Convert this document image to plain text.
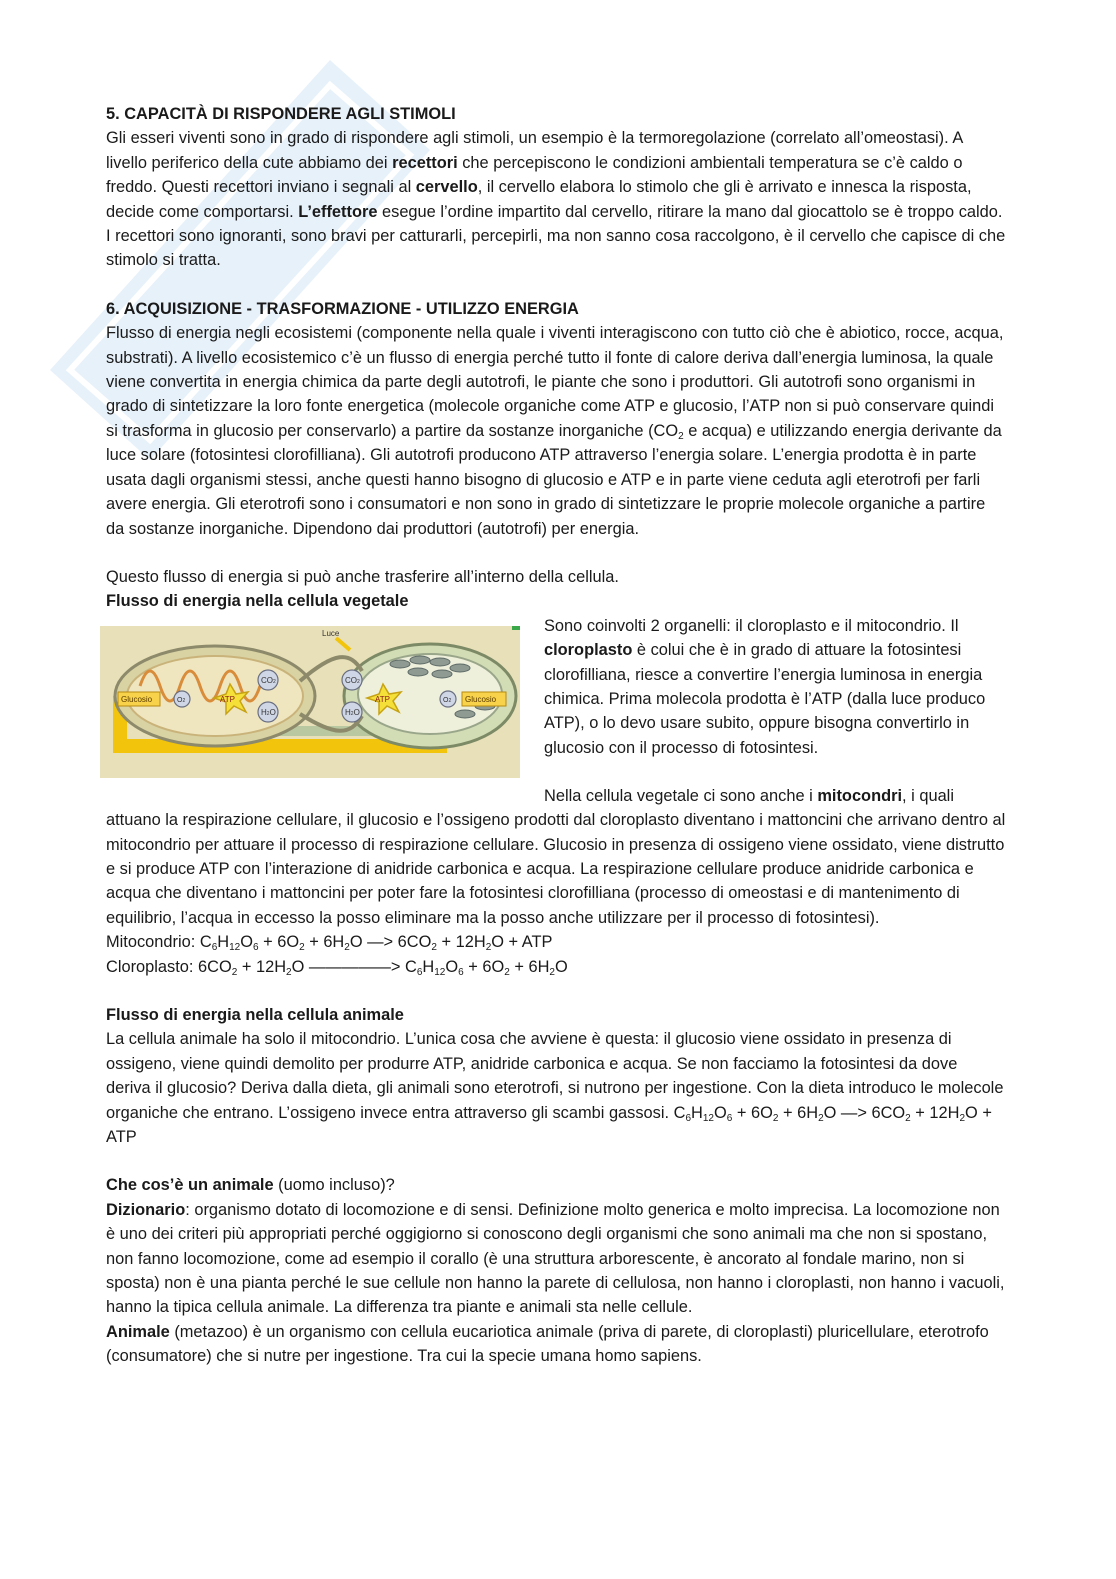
5. CAPACITÀ DI RISPONDERE AGLI STIMOLI

Gli esseri viventi sono in grado di rispondere agli stimoli, un esempio è la termoregolazione (correlato all’omeostasi). A livello periferico della cute abbiamo dei recettori che percepiscono le condizioni ambientali temperatura se c’è caldo o freddo. Questi recettori inviano i segnali al cervello, il cervello elabora lo stimolo che gli è arrivato e innesca la risposta, decide come comportarsi. L’effettore esegue l’ordine impartito dal cervello, ritirare la mano dal giocattolo se è troppo caldo.

I recettori sono ignoranti, sono bravi per catturarli, percepirli, ma non sanno cosa raccolgono, è il cervello che capisce di che stimolo si tratta.

6. ACQUISIZIONE - TRASFORMAZIONE - UTILIZZO ENERGIA

Flusso di energia negli ecosistemi (componente nella quale i viventi interagiscono con tutto ciò che è abiotico, rocce, acqua, substrati). A livello ecosistemico c’è un flusso di energia perché tutto il fonte di calore deriva dall’energia luminosa, la quale viene convertita in energia chimica da parte degli autotrofi, le piante che sono i produttori. Gli autotrofi sono organismi in grado di sintetizzare la loro fonte energetica (molecole organiche come ATP e glucosio, l’ATP non si può conservare quindi si trasforma in glucosio per conservarlo) a partire da sostanze inorganiche ($CO_2$ e acqua) e utilizzando energia derivante da luce solare (fotosintesi clorofilliana). Gli autotrofi producono ATP attraverso l’energia solare. L’energia prodotta è in parte usata dagli organismi stessi, anche questi hanno bisogno di glucosio e ATP e in parte viene ceduta agli eterotrofi per farli avere energia. Gli eterotrofi sono i consumatori e non sono in grado di sintetizzare le proprie molecole organiche a partire da sostanze inorganiche. Dipendono dai produttori (autotrofi) per energia.

Questo flusso di energia si può anche trasferire all’interno della cellula.

Flusso di energia nella cellula vegetale

ATP	ATP
CO2
H2O
CO2
H2O
O2	O2
Glucosio	Glucosio
Luce	Sono coinvolti 2 organelli: il cloroplasto e il mitocondrio. Il cloroplasto è colui che è in grado di attuare la fotosintesi clorofilliana, riesce a convertire l’energia luminosa in energia chimica. Prima molecola prodotta è l’ATP (dalla luce produco ATP), o lo devo usare subito, oppure bisogna convertirlo in glucosio con il processo di fotosintesi.

Nella cellula vegetale ci sono anche i mitocondri, i quali attuano la respirazione cellulare, il glucosio e l’ossigeno prodotti dal cloroplasto diventano i mattoncini che arrivano dentro al mitocondrio per attuare il processo di respirazione cellulare. Glucosio in presenza di ossigeno viene ossidato, viene distrutto e si produce ATP con l’interazione di anidride carbonica e acqua. La respirazione cellulare produce anidride carbonica e acqua che diventano i mattoncini per poter fare la fotosintesi clorofilliana (processo di omeostasi e di mantenimento di equilibrio, l’acqua in eccesso la posso eliminare ma la posso anche utilizzare per il processo di fotosintesi).

Mitocondrio: $C_6H_{12}O_6 + 6O_2 + 6H_2O$ —> $6CO_2 + 12H_2O$ + ATP

Cloroplasto: $6CO_2 + 12H_2O$ —————> $C_6H_{12}O_6 + 6O_2 + 6H_2O$

Flusso di energia nella cellula animale

La cellula animale ha solo il mitocondrio. L’unica cosa che avviene è questa: il glucosio viene ossidato in presenza di ossigeno, viene quindi demolito per produrre ATP, anidride carbonica e acqua. Se non facciamo la fotosintesi da dove deriva il glucosio? Deriva dalla dieta, gli animali sono eterotrofi, si nutrono per ingestione. Con la dieta introduco le molecole organiche che entrano. L’ossigeno invece entra attraverso gli scambi gassosi. $C_6H_{12}O_6 + 6O_2 + 6H_2O$ —> $6CO_2 + 12H_2O$ + ATP

Che cos’è un animale (uomo incluso)?

Dizionario: organismo dotato di locomozione e di sensi. Definizione molto generica e molto imprecisa. La locomozione non è uno dei criteri più appropriati perché oggigiorno si conoscono degli organismi che sono animali ma che non si spostano, non fanno locomozione, come ad esempio il corallo (è una struttura arborescente, è ancorato al fondale marino, non si sposta) non è una pianta perché le sue cellule non hanno la parete di cellulosa, non hanno i cloroplasti, non hanno i vacuoli, hanno la tipica cellula animale. La differenza tra piante e animali sta nelle cellule.

Animale (metazoo) è un organismo con cellula eucariotica animale (priva di parete, di cloroplasti) pluricellulare, eterotrofo (consumatore) che si nutre per ingestione. Tra cui la specie umana homo sapiens.
